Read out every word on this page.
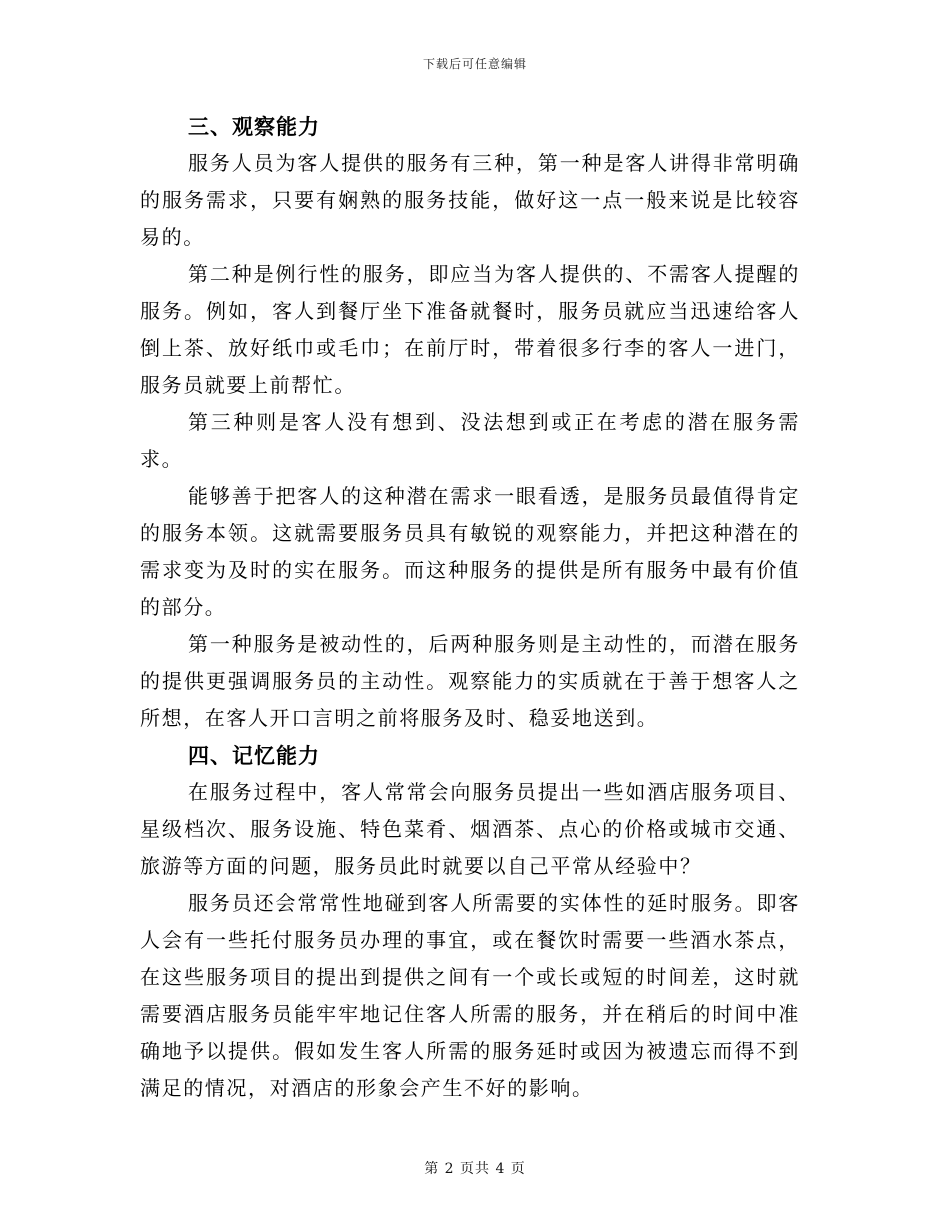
下载后可任意编辑
三、观察能力

服务人员为客人提供的服务有三种，第一种是客人讲得非常明确的服务需求，只要有娴熟的服务技能，做好这一点一般来说是比较容易的。

第二种是例行性的服务，即应当为客人提供的、不需客人提醒的服务。例如，客人到餐厅坐下准备就餐时，服务员就应当迅速给客人倒上茶、放好纸巾或毛巾；在前厅时，带着很多行李的客人一进门，服务员就要上前帮忙。

第三种则是客人没有想到、没法想到或正在考虑的潜在服务需求。

能够善于把客人的这种潜在需求一眼看透，是服务员最值得肯定的服务本领。这就需要服务员具有敏锐的观察能力，并把这种潜在的需求变为及时的实在服务。而这种服务的提供是所有服务中最有价值的部分。

第一种服务是被动性的，后两种服务则是主动性的，而潜在服务的提供更强调服务员的主动性。观察能力的实质就在于善于想客人之所想，在客人开口言明之前将服务及时、稳妥地送到。

四、记忆能力

在服务过程中，客人常常会向服务员提出一些如酒店服务项目、星级档次、服务设施、特色菜肴、烟酒茶、点心的价格或城市交通、旅游等方面的问题，服务员此时就要以自己平常从经验中？

服务员还会常常性地碰到客人所需要的实体性的延时服务。即客人会有一些托付服务员办理的事宜，或在餐饮时需要一些酒水茶点，在这些服务项目的提出到提供之间有一个或长或短的时间差，这时就需要酒店服务员能牢牢地记住客人所需的服务，并在稍后的时间中准确地予以提供。假如发生客人所需的服务延时或因为被遗忘而得不到满足的情况，对酒店的形象会产生不好的影响。

第 2 页共 4 页
